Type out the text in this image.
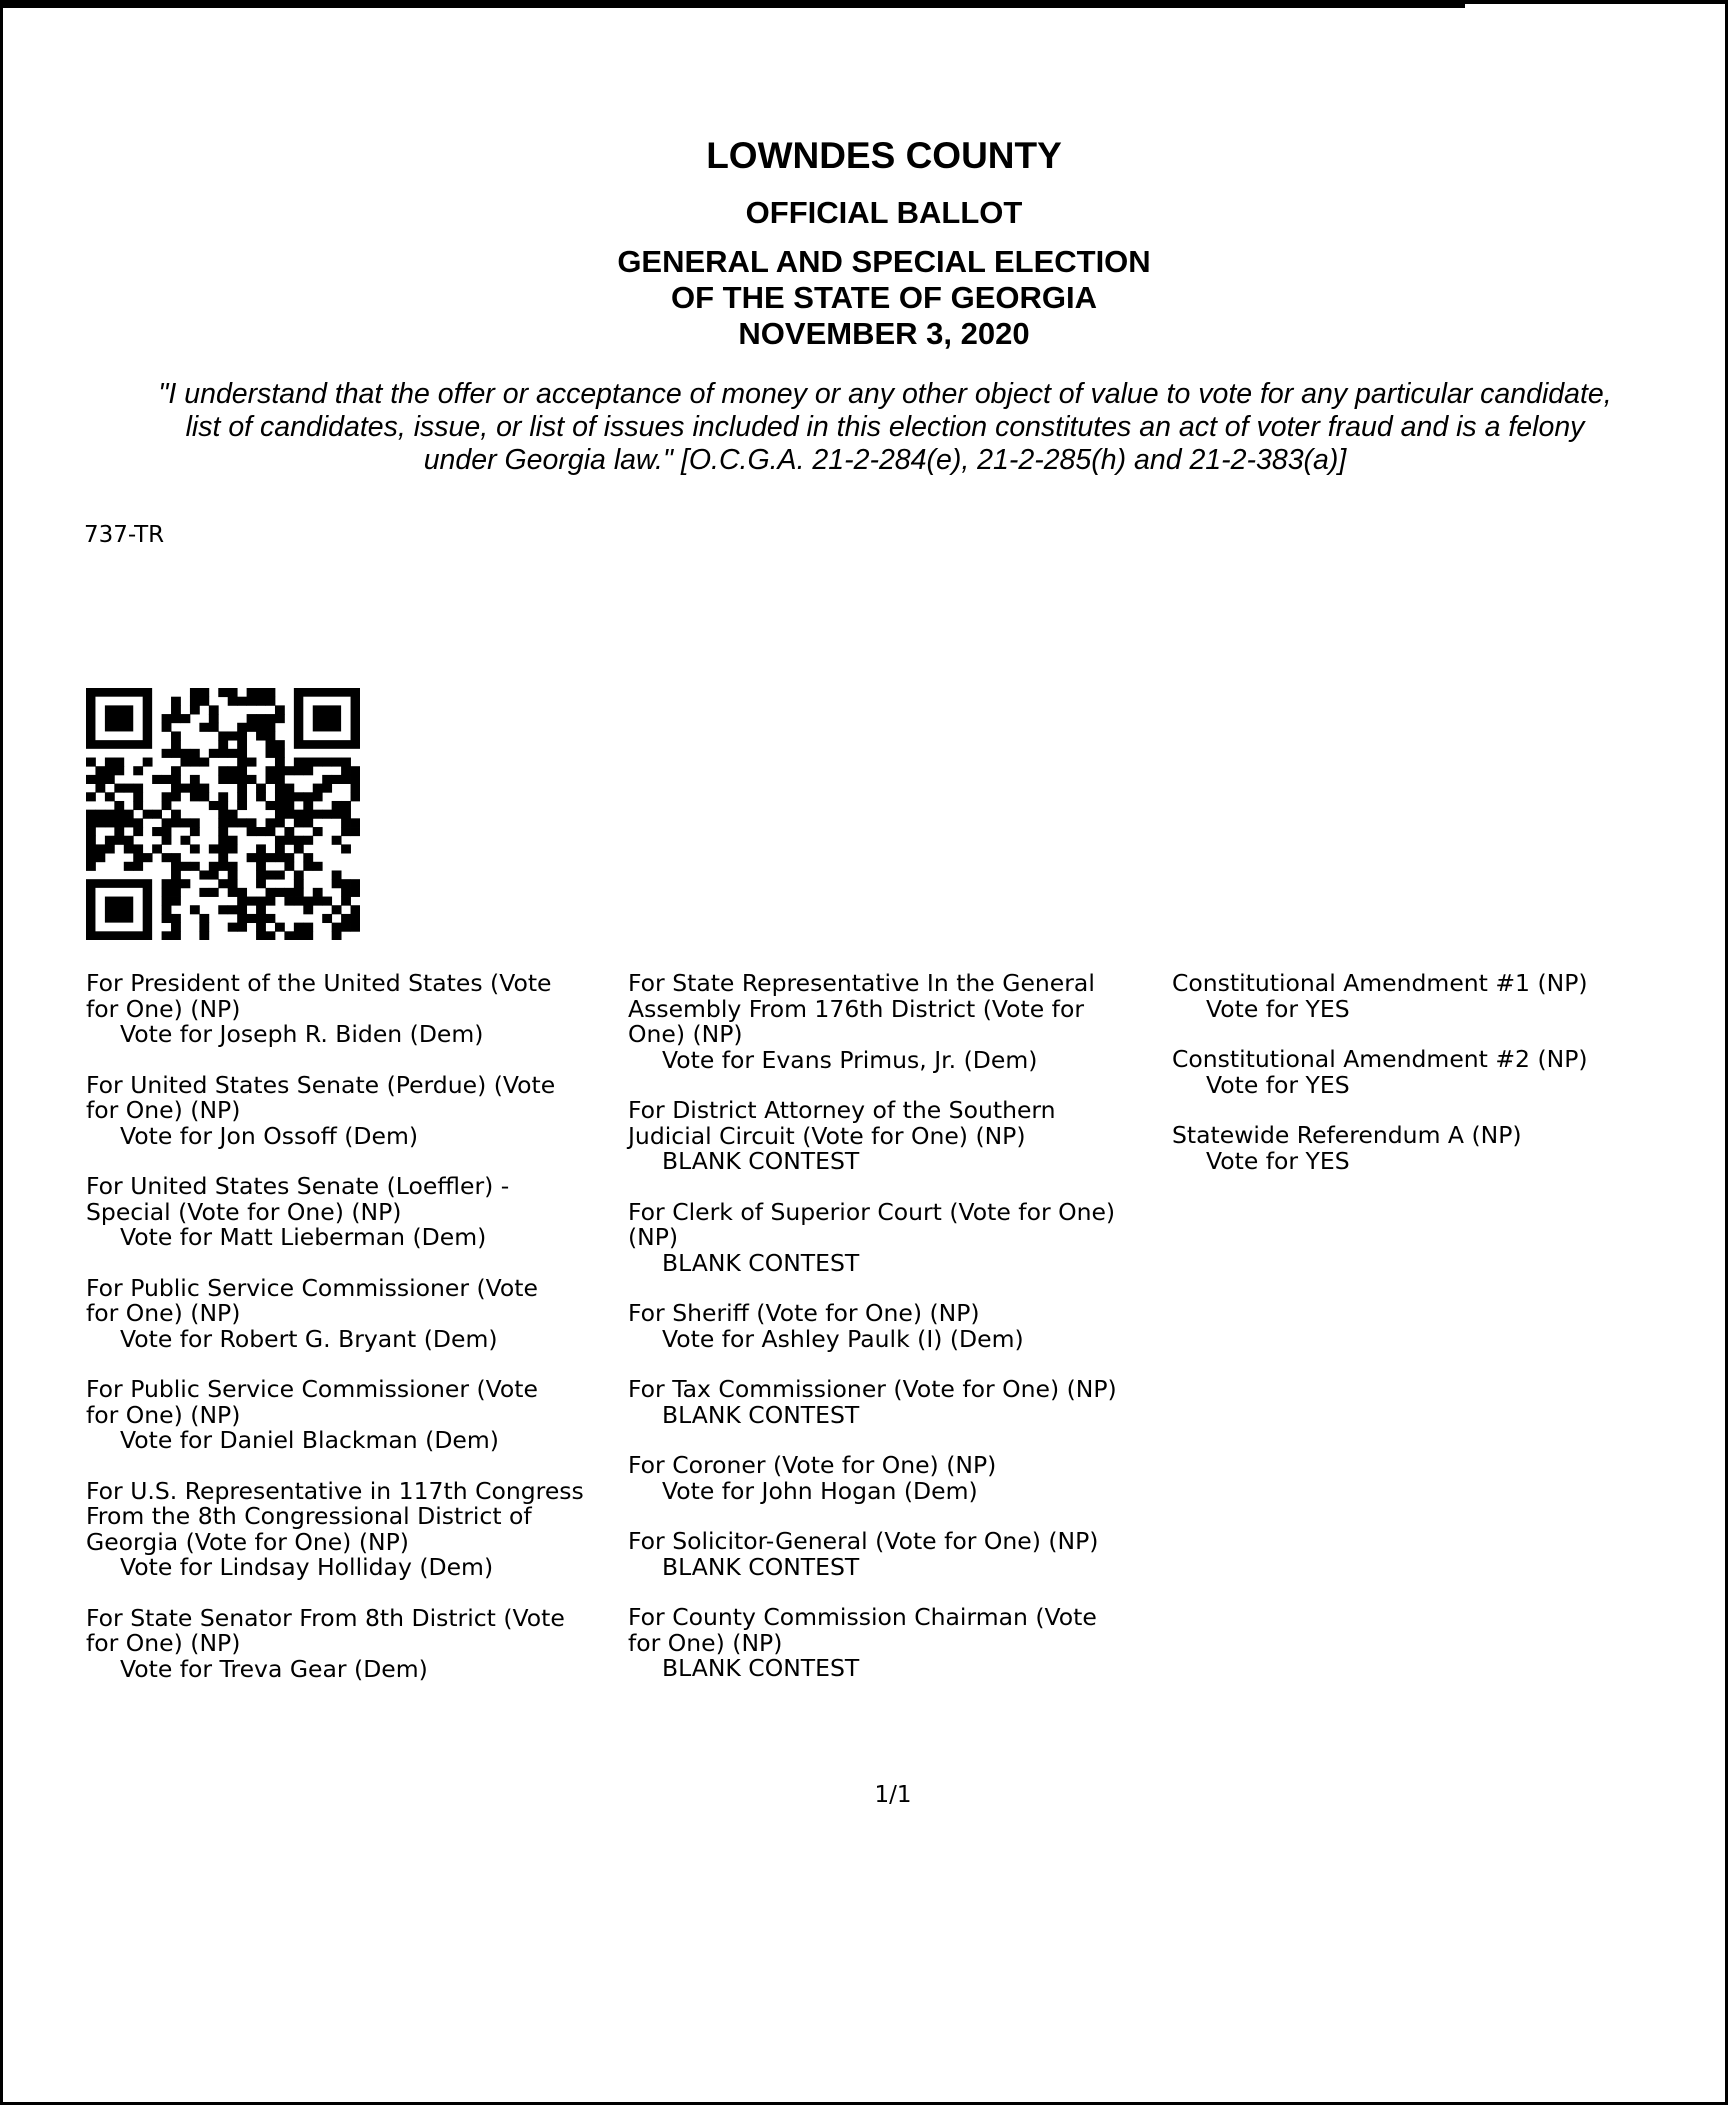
LOWNDES COUNTY
OFFICIAL BALLOT
GENERAL AND SPECIAL ELECTION
OF THE STATE OF GEORGIA
NOVEMBER 3, 2020
"I understand that the offer or acceptance of money or any other object of value to vote for any particular candidate,
list of candidates, issue, or list of issues included in this election constitutes an act of voter fraud and is a felony
under Georgia law." [O.C.G.A. 21-2-284(e), 21-2-285(h) and 21-2-383(a)]
737-TR
For President of the United States (Vote
for One) (NP)
Vote for Joseph R. Biden (Dem)
For United States Senate (Perdue) (Vote
for One) (NP)
Vote for Jon Ossoff (Dem)
For United States Senate (Loeffler) -
Special (Vote for One) (NP)
Vote for Matt Lieberman (Dem)
For Public Service Commissioner (Vote
for One) (NP)
Vote for Robert G. Bryant (Dem)
For Public Service Commissioner (Vote
for One) (NP)
Vote for Daniel Blackman (Dem)
For U.S. Representative in 117th Congress
From the 8th Congressional District of
Georgia (Vote for One) (NP)
Vote for Lindsay Holliday (Dem)
For State Senator From 8th District (Vote
for One) (NP)
Vote for Treva Gear (Dem)
For State Representative In the General
Assembly From 176th District (Vote for
One) (NP)
Vote for Evans Primus, Jr. (Dem)
For District Attorney of the Southern
Judicial Circuit (Vote for One) (NP)
BLANK CONTEST
For Clerk of Superior Court (Vote for One)
(NP)
BLANK CONTEST
For Sheriff (Vote for One) (NP)
Vote for Ashley Paulk (I) (Dem)
For Tax Commissioner (Vote for One) (NP)
BLANK CONTEST
For Coroner (Vote for One) (NP)
Vote for John Hogan (Dem)
For Solicitor-General (Vote for One) (NP)
BLANK CONTEST
For County Commission Chairman (Vote
for One) (NP)
BLANK CONTEST
Constitutional Amendment #1 (NP)
Vote for YES
Constitutional Amendment #2 (NP)
Vote for YES
Statewide Referendum A (NP)
Vote for YES
1/1
